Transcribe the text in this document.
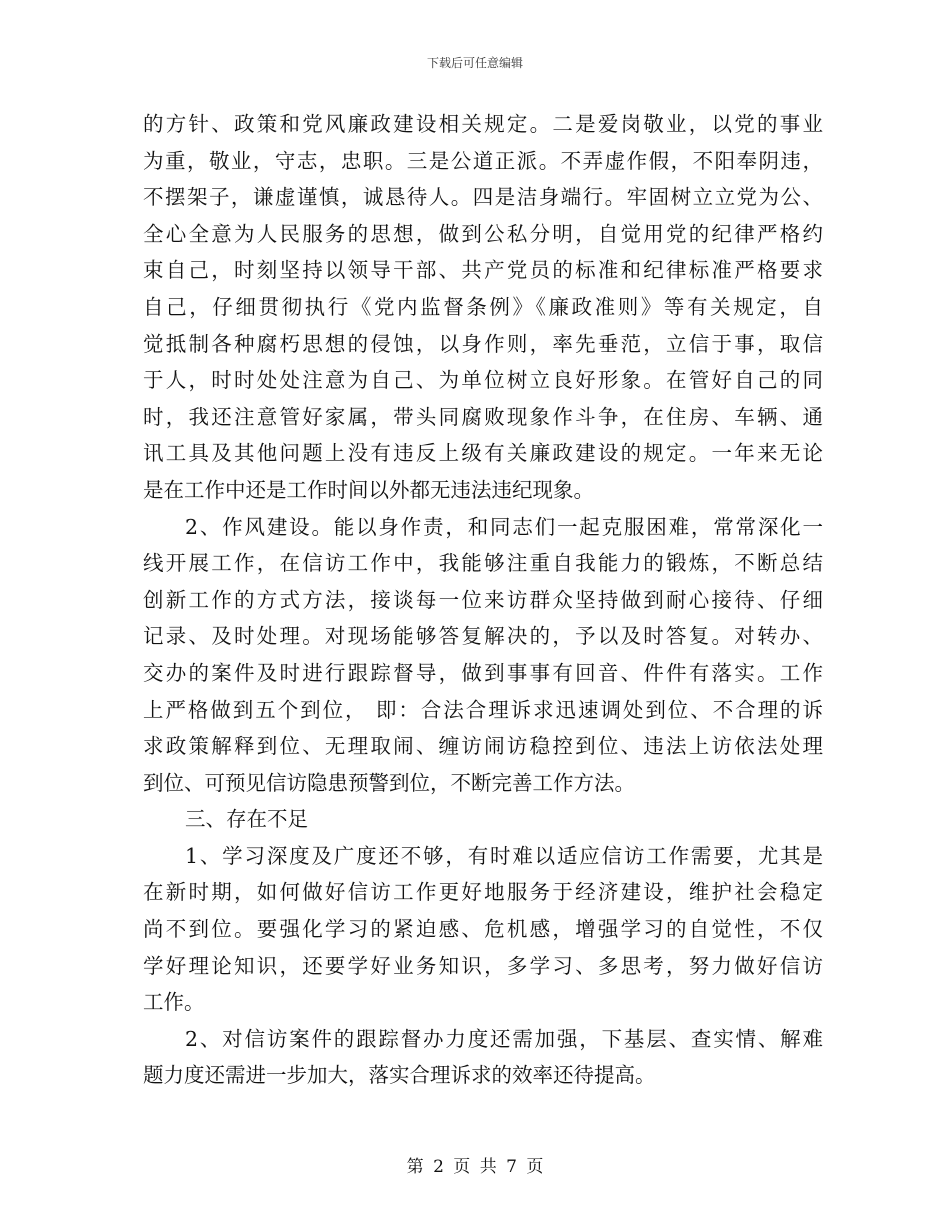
下载后可任意编辑
的方针、政策和党风廉政建设相关规定。二是爱岗敬业，以党的事业
为重，敬业，守志，忠职。三是公道正派。不弄虚作假，不阳奉阴违，
不摆架子，谦虚谨慎，诚恳待人。四是洁身端行。牢固树立立党为公、
全心全意为人民服务的思想，做到公私分明，自觉用党的纪律严格约
束自己，时刻坚持以领导干部、共产党员的标准和纪律标准严格要求
自己，仔细贯彻执行《党内监督条例》《廉政准则》等有关规定，自
觉抵制各种腐朽思想的侵蚀，以身作则，率先垂范，立信于事，取信
于人，时时处处注意为自己、为单位树立良好形象。在管好自己的同
时，我还注意管好家属，带头同腐败现象作斗争，在住房、车辆、通
讯工具及其他问题上没有违反上级有关廉政建设的规定。一年来无论
是在工作中还是工作时间以外都无违法违纪现象。
2、作风建设。能以身作责，和同志们一起克服困难，常常深化一
线开展工作，在信访工作中，我能够注重自我能力的锻炼，不断总结
创新工作的方式方法，接谈每一位来访群众坚持做到耐心接待、仔细
记录、及时处理。对现场能够答复解决的，予以及时答复。对转办、
交办的案件及时进行跟踪督导，做到事事有回音、件件有落实。工作
上严格做到五个到位， 即：合法合理诉求迅速调处到位、不合理的诉
求政策解释到位、无理取闹、缠访闹访稳控到位、违法上访依法处理
到位、可预见信访隐患预警到位，不断完善工作方法。
三、存在不足
1、学习深度及广度还不够，有时难以适应信访工作需要，尤其是
在新时期，如何做好信访工作更好地服务于经济建设，维护社会稳定
尚不到位。要强化学习的紧迫感、危机感，增强学习的自觉性，不仅
学好理论知识，还要学好业务知识，多学习、多思考，努力做好信访
工作。
2、对信访案件的跟踪督办力度还需加强，下基层、查实情、解难
题力度还需进一步加大，落实合理诉求的效率还待提高。
第 2 页 共 7 页
